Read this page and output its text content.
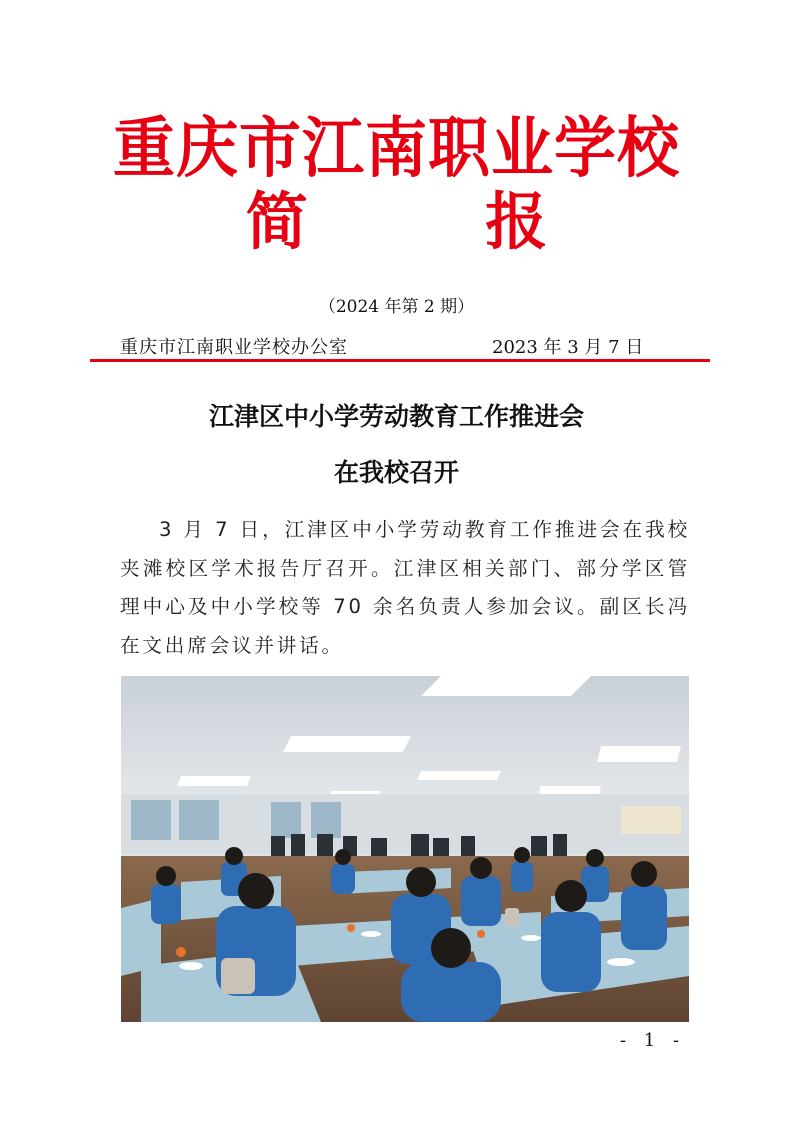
重庆市江南职业学校
简 报
（2024 年第 2 期）
重庆市江南职业学校办公室	2023 年 3 月 7 日
江津区中小学劳动教育工作推进会
在我校召开
3 月 7 日，江津区中小学劳动教育工作推进会在我校夹滩校区学术报告厅召开。江津区相关部门、部分学区管理中心及中小学校等 70 余名负责人参加会议。副区长冯在文出席会议并讲话。
- 1 -
